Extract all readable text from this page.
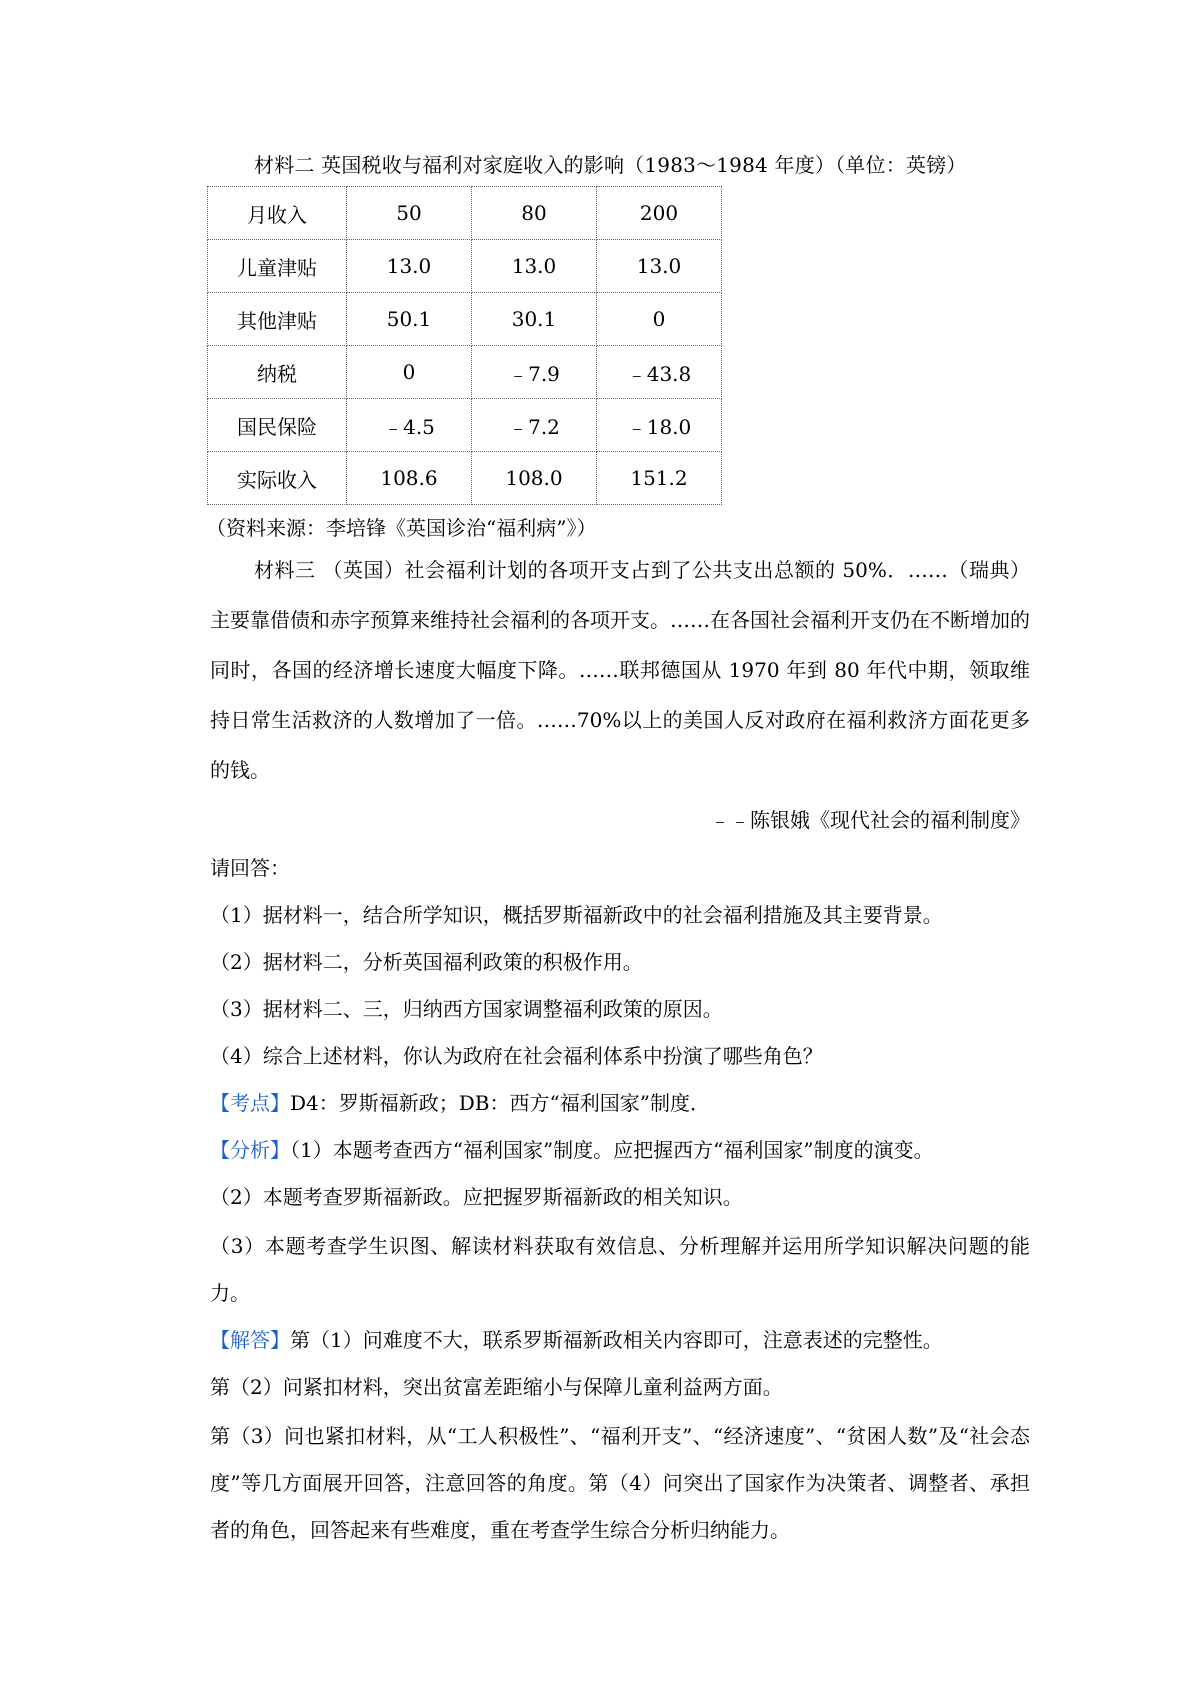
材料二 英国税收与福利对家庭收入的影响（1983～1984 年度）（单位：英镑）
月收入	50	80	200
儿童津贴	13.0	13.0	13.0
其他津贴	50.1	30.1	0
纳税	0	﹣7.9	﹣43.8
国民保险	﹣4.5	﹣7.2	﹣18.0
实际收入	108.6	108.0	151.2
（资料来源：李培锋《英国诊治“福利病”》）
材料三 （英国）社会福利计划的各项开支占到了公共支出总额的 50%．……（瑞典）主要靠借债和赤字预算来维持社会福利的各项开支。……在各国社会福利开支仍在不断增加的同时，各国的经济增长速度大幅度下降。……联邦德国从 1970 年到 80 年代中期，领取维持日常生活救济的人数增加了一倍。……70%以上的美国人反对政府在福利救济方面花更多的钱。
﹣﹣陈银娥《现代社会的福利制度》
请回答：
（1）据材料一，结合所学知识，概括罗斯福新政中的社会福利措施及其主要背景。
（2）据材料二，分析英国福利政策的积极作用。
（3）据材料二、三，归纳西方国家调整福利政策的原因。
（4）综合上述材料，你认为政府在社会福利体系中扮演了哪些角色？
【考点】D4：罗斯福新政；DB：西方“福利国家”制度．
【分析】（1）本题考查西方“福利国家”制度。应把握西方“福利国家”制度的演变。
（2）本题考查罗斯福新政。应把握罗斯福新政的相关知识。
（3）本题考查学生识图、解读材料获取有效信息、分析理解并运用所学知识解决问题的能力。
【解答】第（1）问难度不大，联系罗斯福新政相关内容即可，注意表述的完整性。
第（2）问紧扣材料，突出贫富差距缩小与保障儿童利益两方面。
第（3）问也紧扣材料，从“工人积极性”、“福利开支”、“经济速度”、“贫困人数”及“社会态度”等几方面展开回答，注意回答的角度。第（4）问突出了国家作为决策者、调整者、承担者的角色，回答起来有些难度，重在考查学生综合分析归纳能力。
